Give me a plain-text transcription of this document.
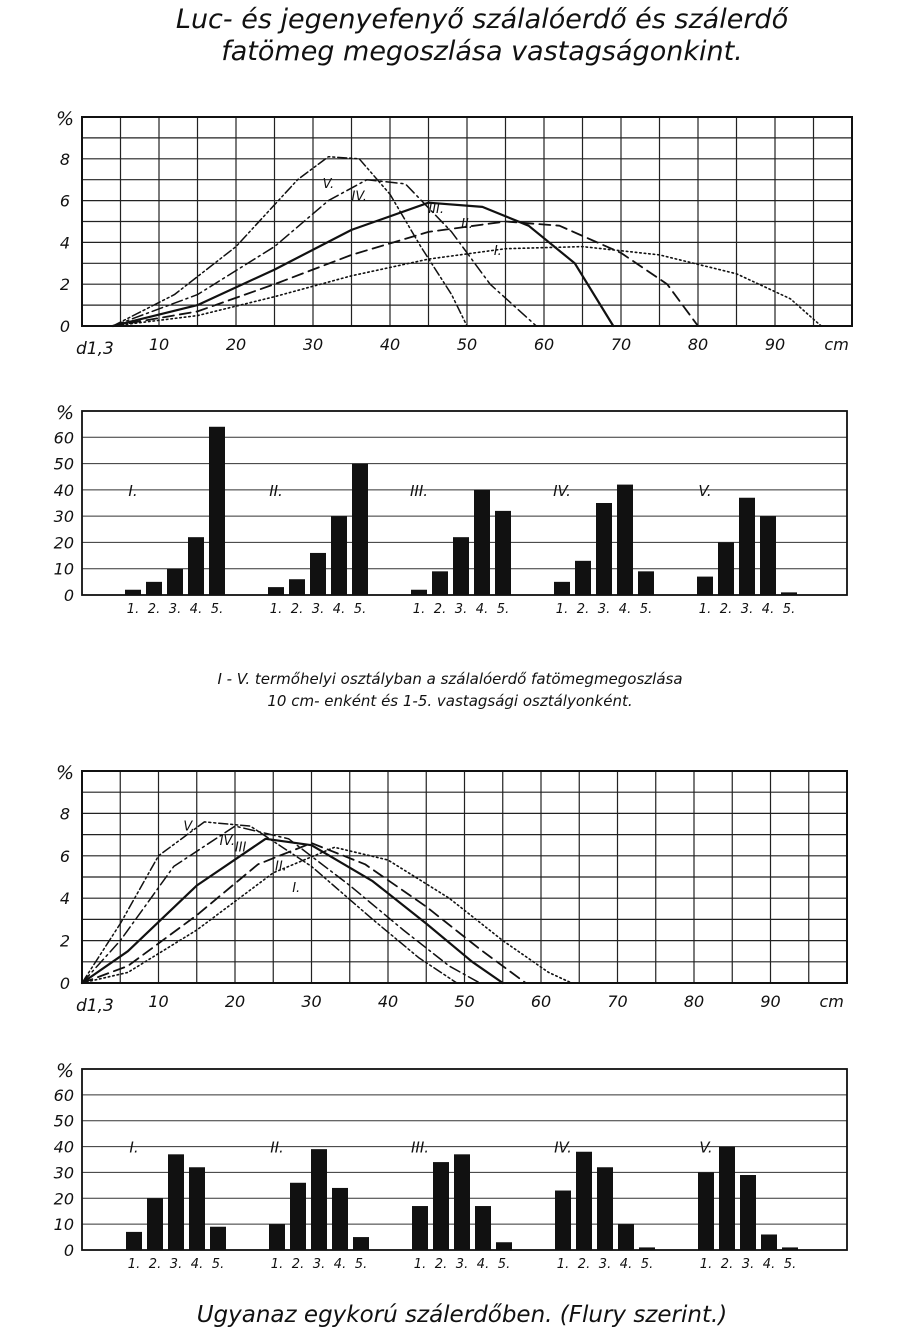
Luc- és jegenyefenyő szálalóerdő és szálerdő
fatömeg megoszlása vastagságonkint.
0
2
4
6
8
10	20	30	40	50	60	70	80	90
%
cm
d1,3
I.
II.
III.
IV.
V.
0
10
20
30
40
50
60
%
I.
1. 2. 3. 4. 5.
II.
1. 2. 3. 4. 5.
III.
1. 2. 3. 4. 5.
IV.
1. 2. 3. 4. 5.
V.
1. 2. 3. 4. 5.
I - V. termőhelyi osztályban a szálalóerdő fatömegmegoszlása
10 cm- enként és 1-5. vastagsági osztályonként.
0
2
4
6
8
10	20	30	40	50	60	70	80	90
%
cm
d1,3
I.
II.
III.
IV.
V.
0
10
20
30
40
50
60
%
I.
1. 2. 3. 4. 5.
II.
1. 2. 3. 4. 5.
III.
1. 2. 3. 4. 5.
IV.
1. 2. 3. 4. 5.
V.
1. 2. 3. 4. 5.
Ugyanaz egykorú szálerdőben. (Flury szerint.)
